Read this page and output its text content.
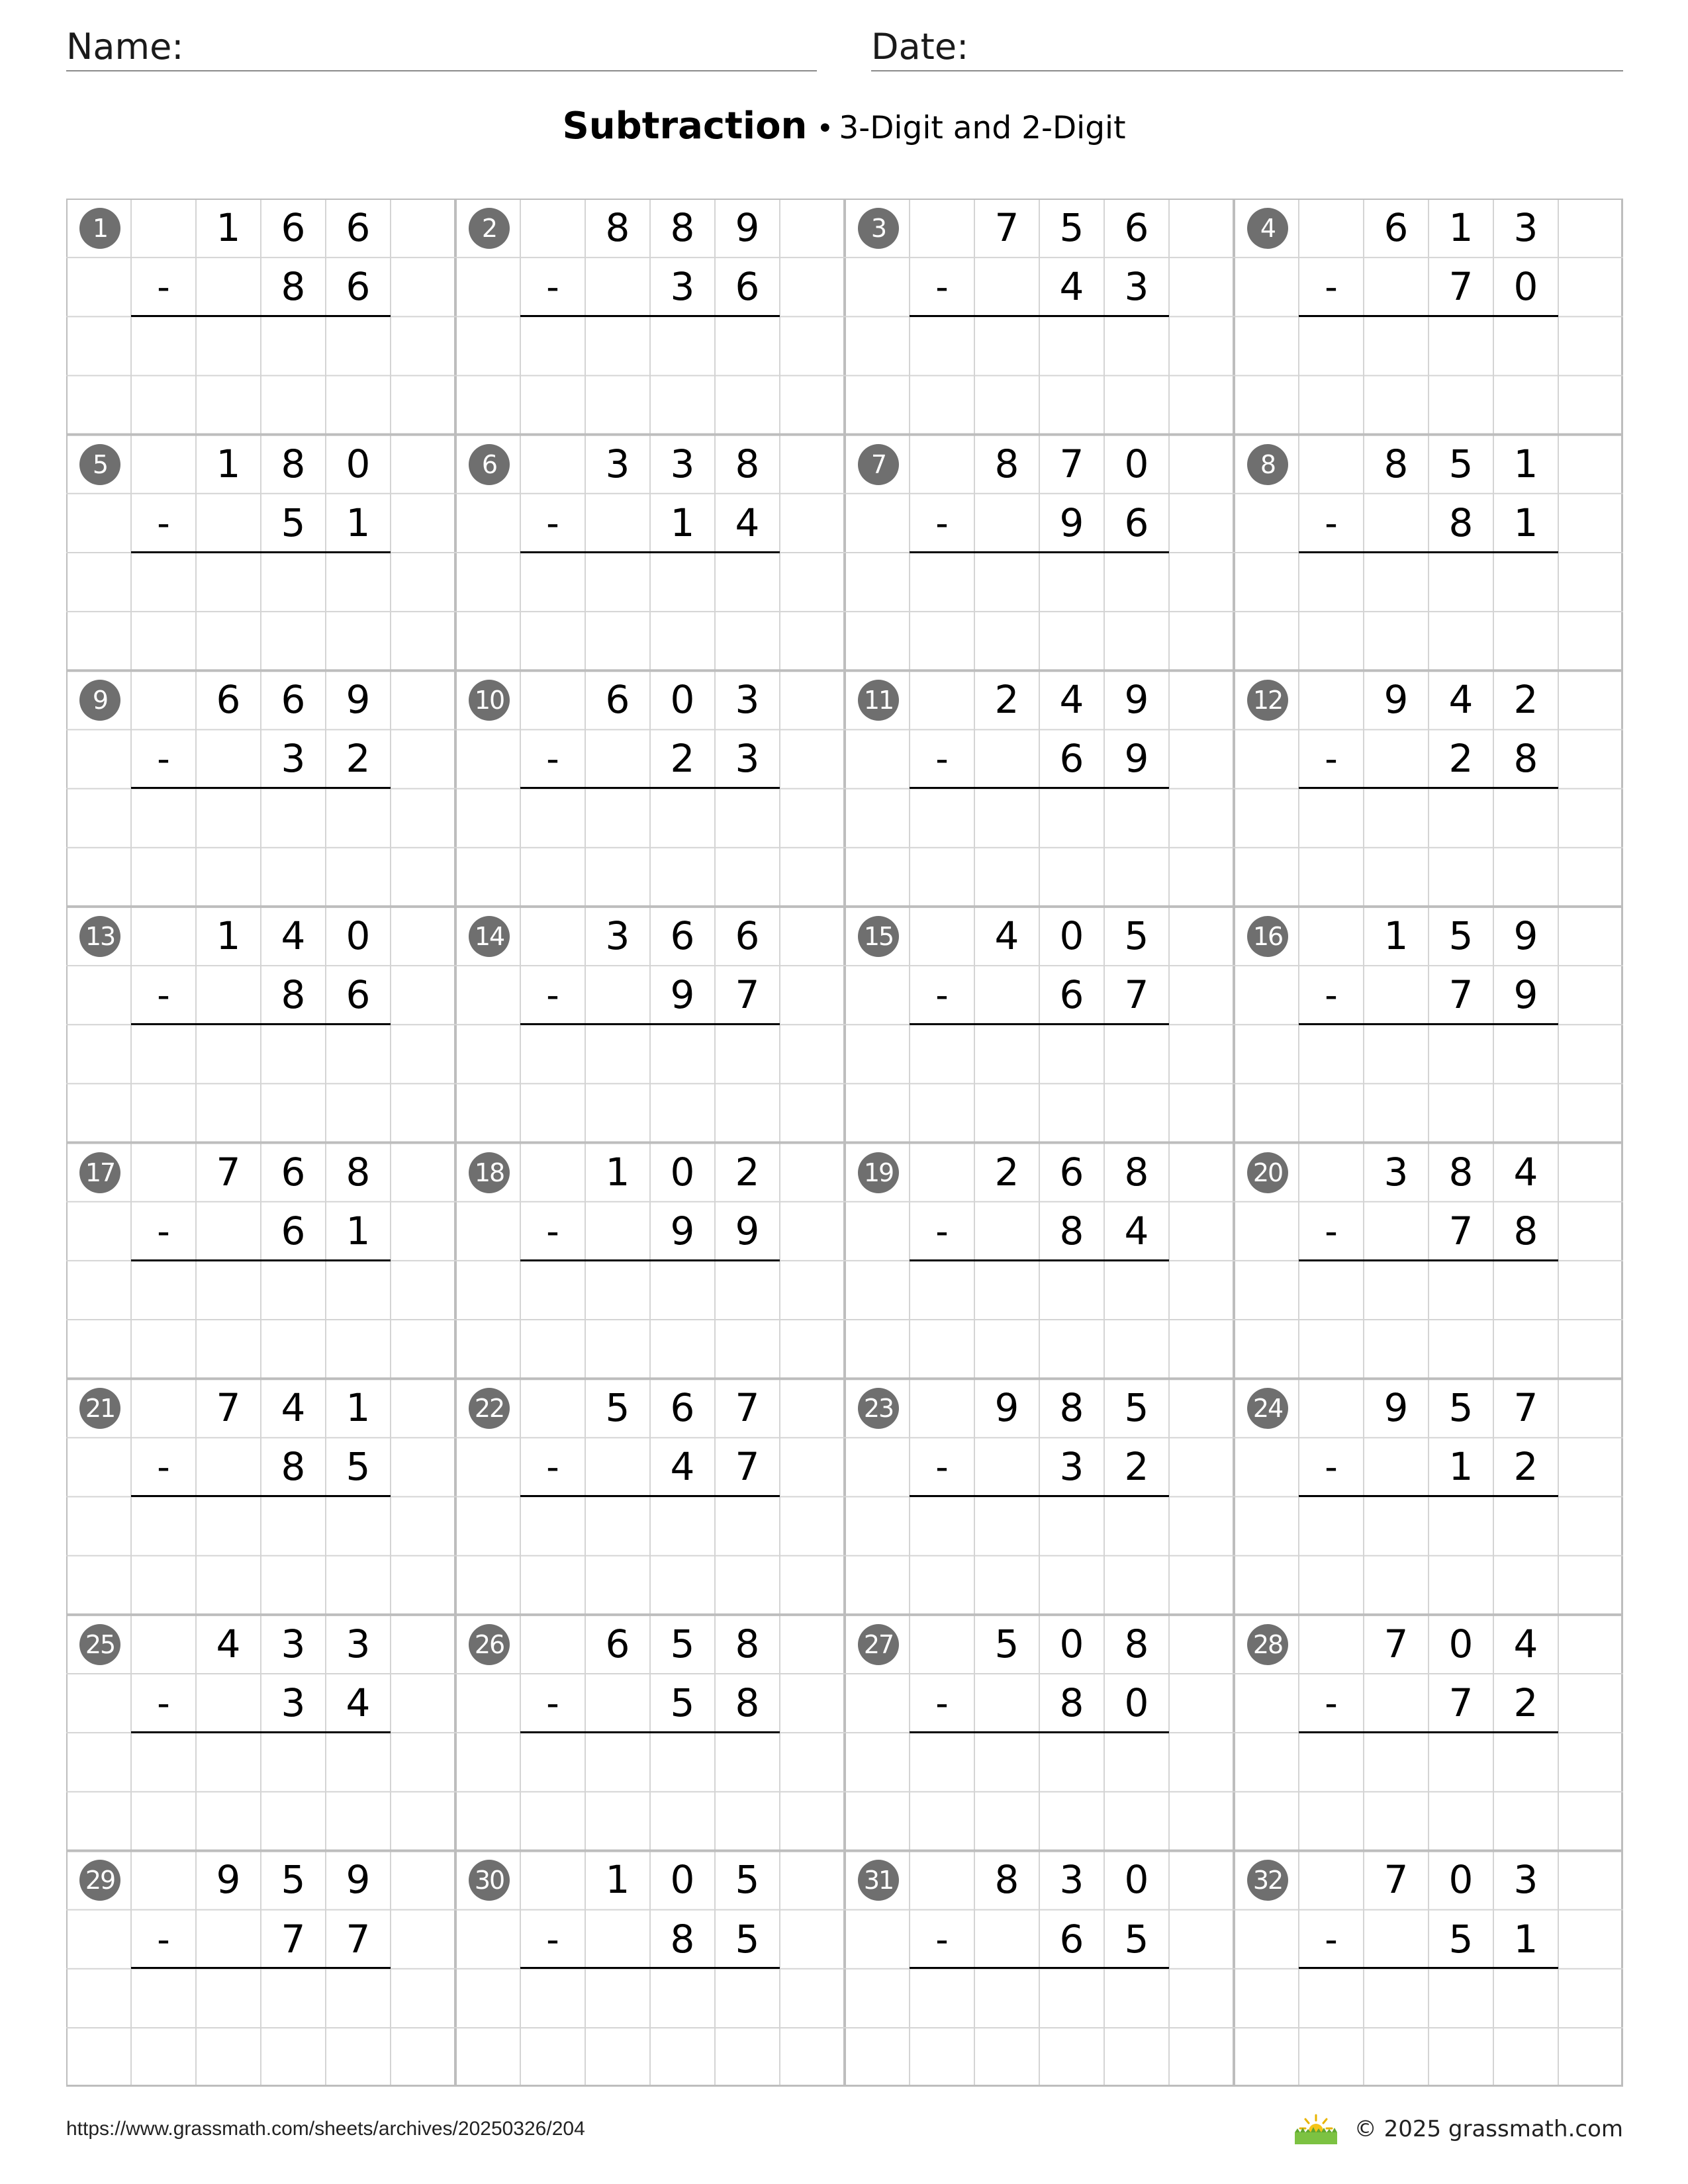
Name:	Date:
Subtraction • 3-Digit and 2-Digit
1	1	6	6
-	8	6
2	8	8	9
-	3	6
3	7	5	6
-	4	3
4	6	1	3
-	7	0
5	1	8	0
-	5	1
6	3	3	8
-	1	4
7	8	7	0
-	9	6
8	8	5	1
-	8	1
9	6	6	9
-	3	2
10	6	0	3
-	2	3
11	2	4	9
-	6	9
12	9	4	2
-	2	8
13	1	4	0
-	8	6
14	3	6	6
-	9	7
15	4	0	5
-	6	7
16	1	5	9
-	7	9
17	7	6	8
-	6	1
18	1	0	2
-	9	9
19	2	6	8
-	8	4
20	3	8	4
-	7	8
21	7	4	1
-	8	5
22	5	6	7
-	4	7
23	9	8	5
-	3	2
24	9	5	7
-	1	2
25	4	3	3
-	3	4
26	6	5	8
-	5	8
27	5	0	8
-	8	0
28	7	0	4
-	7	2
29	9	5	9
-	7	7
30	1	0	5
-	8	5
31	8	3	0
-	6	5
32	7	0	3
-	5	1
https://www.grassmath.com/sheets/archives/20250326/204	© 2025 grassmath.com
